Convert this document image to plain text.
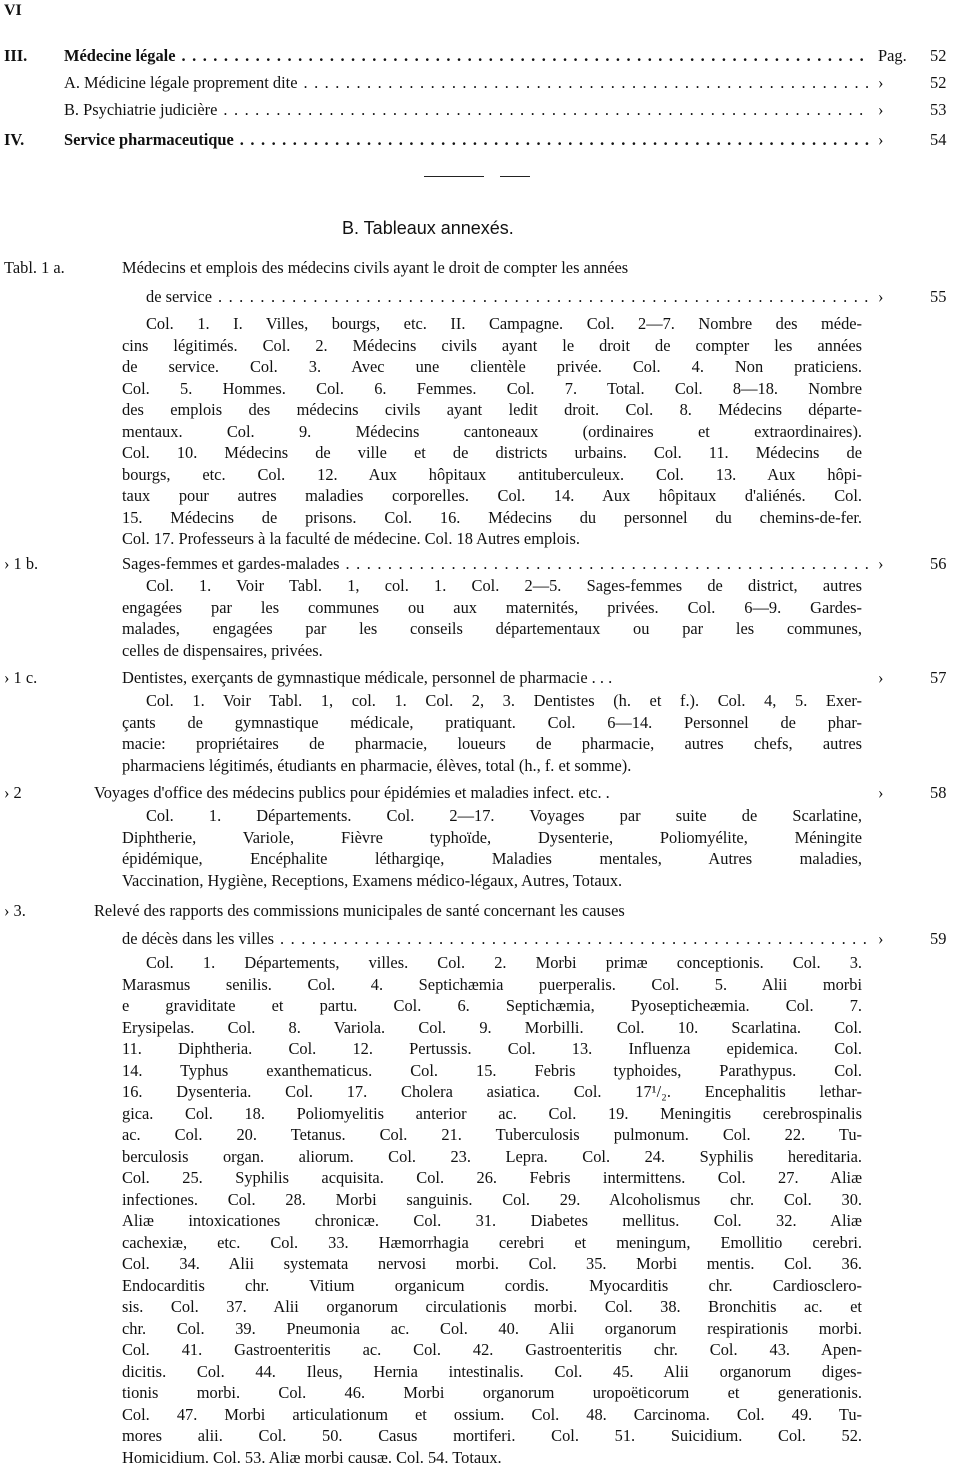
VI
III. Médecine légale
. . .	Pag. 52
A. Médicine légale proprement dite
. . .	›	52
B. Psychiatrie judicière
. . .	›	53
IV. Service pharmaceutique
. . .	›	54
B. Tableaux annexés.
Tabl. 1 a.	Médecins et emplois des médecins civils ayant le droit de compter les années
de service
. . .	›	55
Col. 1. I. Villes, bourgs, etc. II. Campagne. Col. 2—7. Nombre des méde-
cins légitimés. Col. 2. Médecins civils ayant le droit de compter les années
de service. Col. 3. Avec une clientèle privée. Col. 4. Non praticiens.
Col. 5. Hommes. Col. 6. Femmes. Col. 7. Total. Col. 8—18. Nombre
des emplois des médecins civils ayant ledit droit. Col. 8. Médecins départe-
mentaux. Col. 9. Médecins cantoneaux (ordinaires et extraordinaires).
Col. 10. Médecins de ville et de districts urbains. Col. 11. Médecins de
bourgs, etc. Col. 12. Aux hôpitaux antituberculeux. Col. 13. Aux hôpi-
taux pour autres maladies corporelles. Col. 14. Aux hôpitaux d'aliénés. Col.
15. Médecins de prisons. Col. 16. Médecins du personnel du chemins-de-fer.
Col. 17. Professeurs à la faculté de médecine. Col. 18 Autres emplois.
› 1 b.	Sages-femmes et gardes-malades
. . .	›	56
Col. 1. Voir Tabl. 1, col. 1. Col. 2—5. Sages-femmes de district, autres
engagées par les communes ou aux maternités, privées. Col. 6—9. Gardes-
malades, engagées par les conseils départementaux ou par les communes,
celles de dispensaires, privées.
› 1 c.	Dentistes, exerçants de gymnastique médicale, personnel de pharmacie . . .	›	57
Col. 1. Voir Tabl. 1, col. 1. Col. 2, 3. Dentistes (h. et f.). Col. 4, 5. Exer-
çants de gymnastique médicale, pratiquant. Col. 6—14. Personnel de phar-
macie: propriétaires de pharmacie, loueurs de pharmacie, autres chefs, autres
pharmaciens légitimés, étudiants en pharmacie, élèves, total (h., f. et somme).
› 2	Voyages d'office des médecins publics pour épidémies et maladies infect. etc. .	›	58
Col. 1. Départements. Col. 2—17. Voyages par suite de Scarlatine,
Diphtherie, Variole, Fièvre typhoïde, Dysenterie, Poliomyélite, Méningite
épidémique, Encéphalite léthargiqe, Maladies mentales, Autres maladies,
Vaccination, Hygiène, Receptions, Examens médico-légaux, Autres, Totaux.
› 3.	Relevé des rapports des commissions municipales de santé concernant les causes
de décès dans les villes
. . .	›	59
Col. 1. Départements, villes. Col. 2. Morbi primæ conceptionis. Col. 3.
Marasmus senilis. Col. 4. Septichæmia puerperalis. Col. 5. Alii morbi
e graviditate et partu. Col. 6. Septichæmia, Pyosepticheæmia. Col. 7.
Erysipelas. Col. 8. Variola. Col. 9. Morbilli. Col. 10. Scarlatina. Col.
11. Diphtheria. Col. 12. Pertussis. Col. 13. Influenza epidemica. Col.
14. Typhus exanthematicus. Col. 15. Febris typhoides, Parathypus. Col.
16. Dysenteria. Col. 17. Cholera asiatica. Col. 17¹/₂. Encephalitis lethar-
gica. Col. 18. Poliomyelitis anterior ac. Col. 19. Meningitis cerebrospinalis
ac. Col. 20. Tetanus. Col. 21. Tuberculosis pulmonum. Col. 22. Tu-
berculosis organ. aliorum. Col. 23. Lepra. Col. 24. Syphilis hereditaria.
Col. 25. Syphilis acquisita. Col. 26. Febris intermittens. Col. 27. Aliæ
infectiones. Col. 28. Morbi sanguinis. Col. 29. Alcoholismus chr. Col. 30.
Aliæ intoxicationes chronicæ. Col. 31. Diabetes mellitus. Col. 32. Aliæ
cachexiæ, etc. Col. 33. Hæmorrhagia cerebri et meningum, Emollitio cerebri.
Col. 34. Alii systemata nervosi morbi. Col. 35. Morbi mentis. Col. 36.
Endocarditis chr. Vitium organicum cordis. Myocarditis chr. Cardiosclero-
sis. Col. 37. Alii organorum circulationis morbi. Col. 38. Bronchitis ac. et
chr. Col. 39. Pneumonia ac. Col. 40. Alii organorum respirationis morbi.
Col. 41. Gastroenteritis ac. Col. 42. Gastroenteritis chr. Col. 43. Apen-
dicitis. Col. 44. Ileus, Hernia intestinalis. Col. 45. Alii organorum diges-
tionis morbi. Col. 46. Morbi organorum uropoëticorum et generationis.
Col. 47. Morbi articulationum et ossium. Col. 48. Carcinoma. Col. 49. Tu-
mores alii. Col. 50. Casus mortiferi. Col. 51. Suicidium. Col. 52.
Homicidium. Col. 53. Aliæ morbi causæ. Col. 54. Totaux.
